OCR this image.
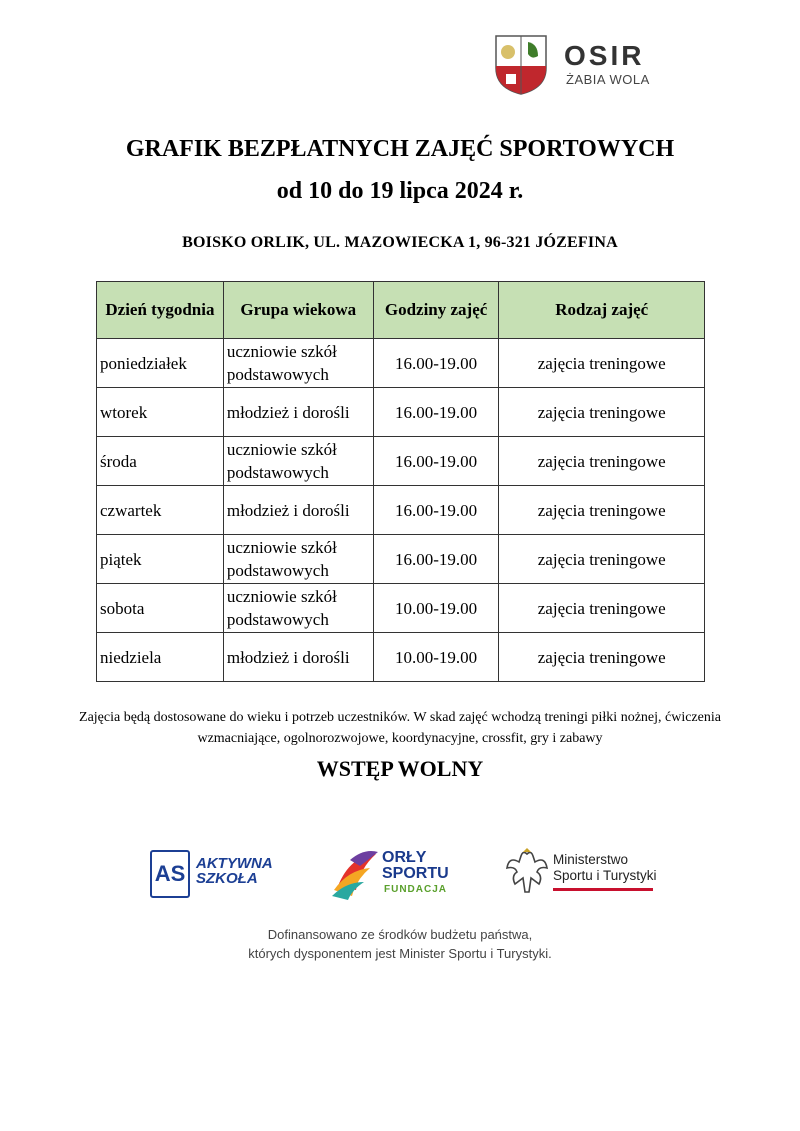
OSIR
ŻABIA WOLA
GRAFIK BEZPŁATNYCH ZAJĘĆ SPORTOWYCH
od 10 do 19 lipca 2024 r.
BOISKO ORLIK, UL. MAZOWIECKA 1, 96-321 JÓZEFINA
Dzień tygodnia	Grupa wiekowa	Godziny zajęć	Rodzaj zajęć
poniedziałek	uczniowie szkół podstawowych	16.00-19.00	zajęcia treningowe
wtorek	młodzież i dorośli	16.00-19.00	zajęcia treningowe
środa	uczniowie szkół podstawowych	16.00-19.00	zajęcia treningowe
czwartek	młodzież i dorośli	16.00-19.00	zajęcia treningowe
piątek	uczniowie szkół podstawowych	16.00-19.00	zajęcia treningowe
sobota	uczniowie szkół podstawowych	10.00-19.00	zajęcia treningowe
niedziela	młodzież i dorośli	10.00-19.00	zajęcia treningowe
Zajęcia będą dostosowane do wieku i potrzeb uczestników. W skad zajęć wchodzą treningi piłki nożnej, ćwiczenia wzmacniające, ogolnorozwojowe, koordynacyjne, crossfit, gry i zabawy
WSTĘP WOLNY
AS AKTYWNA
SZKOŁA
ORŁY
SPORTU
FUNDACJA
Ministerstwo
Sportu i Turystyki
Dofinansowano ze środków budżetu państwa,
których dysponentem jest Minister Sportu i Turystyki.
